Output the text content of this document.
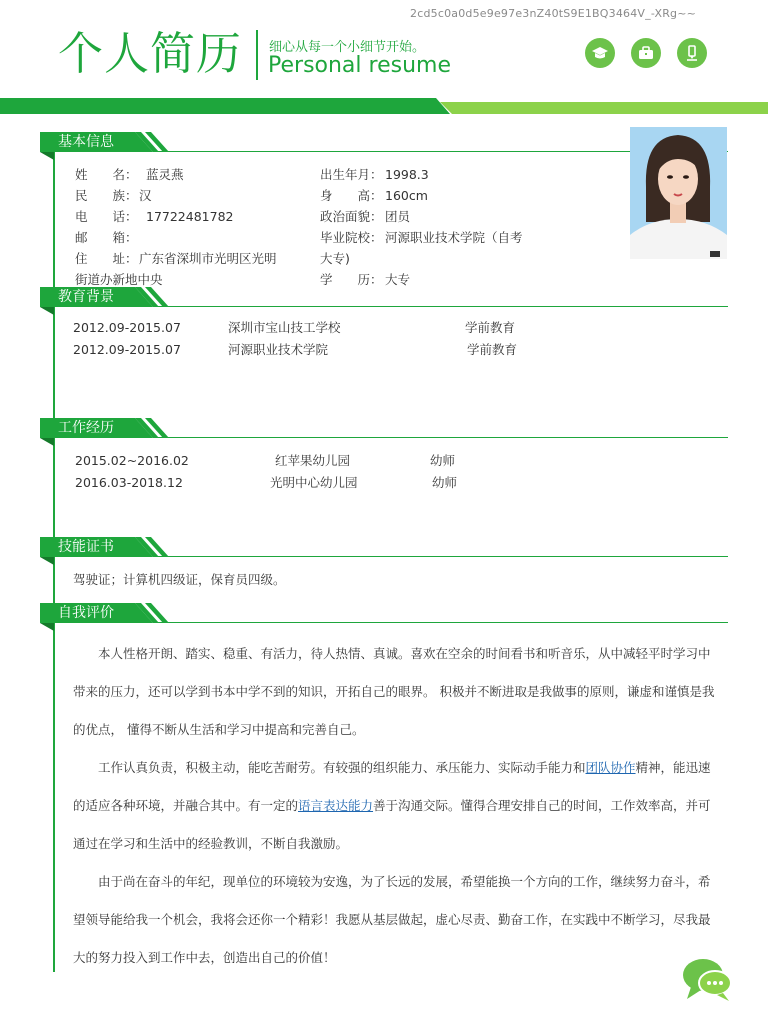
2cd5c0a0d5e9e97e3nZ40tS9E1BQ3464V_-XRg~~
个人简历 细心从每一个小细节开始。
Personal resume
基本信息
姓  名： 蓝灵燕
民  族： 汉
电  话： 17722481782
邮  箱：
住  址： 广东省深圳市光明区光明
街道办新地中央
出生年月： 1998.3
身  高： 160cm
政治面貌： 团员
毕业院校： 河源职业技术学院（自考
大专)
学  历： 大专
教育背景
2012.09-2015.07	深圳市宝山技工学校	学前教育
2012.09-2015.07	河源职业技术学院	学前教育
工作经历
2015.02~2016.02	红苹果幼儿园	幼师
2016.03-2018.12	光明中心幼儿园	幼师
技能证书
驾驶证；计算机四级证，保育员四级。
自我评价
本人性格开朗、踏实、稳重、有活力，待人热情、真诚。喜欢在空余的时间看书和听音乐，从中减轻平时学习中带来的压力，还可以学到书本中学不到的知识，开拓自己的眼界。 积极并不断进取是我做事的原则，谦虚和谨慎是我的优点， 懂得不断从生活和学习中提高和完善自己。
工作认真负责，积极主动，能吃苦耐劳。有较强的组织能力、承压能力、实际动手能力和团队协作精神，能迅速的适应各种环境，并融合其中。有一定的语言表达能力善于沟通交际。懂得合理安排自己的时间，工作效率高，并可通过在学习和生活中的经验教训，不断自我激励。
由于尚在奋斗的年纪，现单位的环境较为安逸，为了长远的发展，希望能换一个方向的工作，继续努力奋斗，希望领导能给我一个机会，我将会还你一个精彩！我愿从基层做起，虚心尽责、勤奋工作，在实践中不断学习，尽我最大的努力投入到工作中去，创造出自己的价值！
